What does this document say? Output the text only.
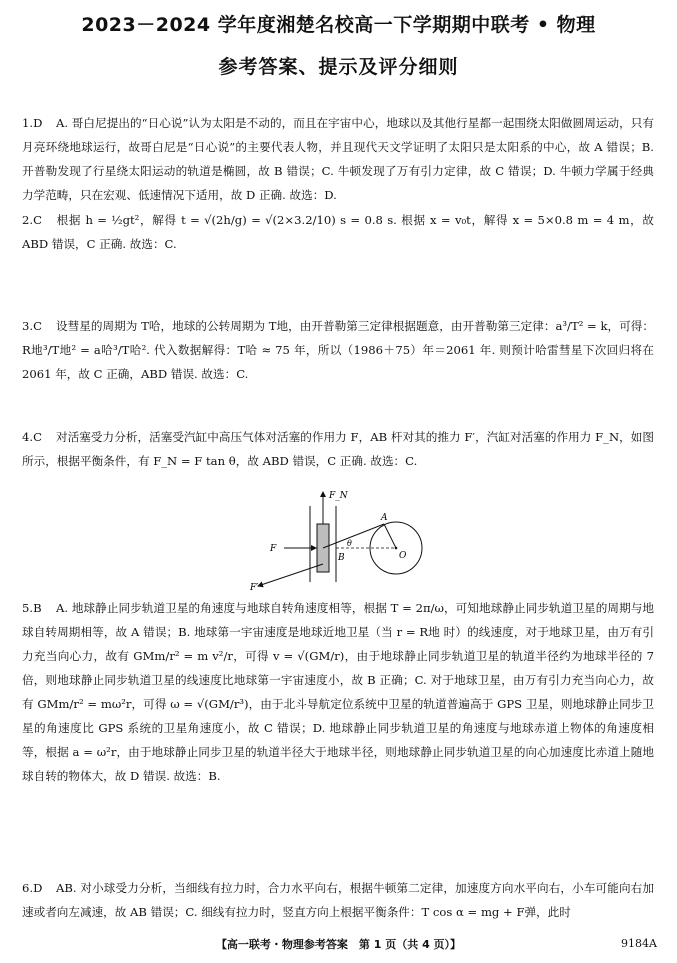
2023－2024 学年度湘楚名校高一下学期期中联考 • 物理
参考答案、提示及评分细则
1.D A. 哥白尼提出的“日心说”认为太阳是不动的，而且在宇宙中心，地球以及其他行星都一起围绕太阳做圆周运动，只有月亮环绕地球运行，故哥白尼是“日心说”的主要代表人物，并且现代天文学证明了太阳只是太阳系的中心，故 A 错误；B. 开普勒发现了行星绕太阳运动的轨道是椭圆，故 B 错误；C. 牛顿发现了万有引力定律，故 C 错误；D. 牛顿力学属于经典力学范畴，只在宏观、低速情况下适用，故 D 正确. 故选：D.
2.C 根据 h = ½gt²，解得 t = √(2h/g) = √(2×3.2/10) s = 0.8 s. 根据 x = v₀t，解得 x = 5×0.8 m = 4 m，故 ABD 错误，C 正确. 故选：C.
3.C 设彗星的周期为 T哈，地球的公转周期为 T地，由开普勒第三定律根据题意，由开普勒第三定律：a³/T² = k，可得：R地³/T地² = a哈³/T哈². 代入数据解得：T哈 ≈ 75 年，所以（1986＋75）年＝2061 年. 则预计哈雷彗星下次回归将在 2061 年，故 C 正确，ABD 错误. 故选：C.
4.C 对活塞受力分析，活塞受汽缸中高压气体对活塞的作用力 F，AB 杆对其的推力 F′，汽缸对活塞的作用力 F_N，如图所示，根据平衡条件，有 F_N = F tan θ，故 ABD 错误，C 正确. 故选：C.
F_N
F
F′
B
θ
A
O
5.B A. 地球静止同步轨道卫星的角速度与地球自转角速度相等，根据 T = 2π/ω，可知地球静止同步轨道卫星的周期与地球自转周期相等，故 A 错误；B. 地球第一宇宙速度是地球近地卫星（当 r = R地 时）的线速度，对于地球卫星，由万有引力充当向心力，故有 GMm/r² = m v²/r，可得 v = √(GM/r)，由于地球静止同步轨道卫星的轨道半径约为地球半径的 7 倍，则地球静止同步轨道卫星的线速度比地球第一宇宙速度小，故 B 正确；C. 对于地球卫星，由万有引力充当向心力，故有 GMm/r² = mω²r，可得 ω = √(GM/r³)，由于北斗导航定位系统中卫星的轨道普遍高于 GPS 卫星，则地球静止同步卫星的角速度比 GPS 系统的卫星角速度小，故 C 错误；D. 地球静止同步轨道卫星的角速度与地球赤道上物体的角速度相等，根据 a = ω²r，由于地球静止同步卫星的轨道半径大于地球半径，则地球静止同步轨道卫星的向心加速度比赤道上随地球自转的物体大，故 D 错误. 故选：B.
6.D AB. 对小球受力分析，当细线有拉力时，合力水平向右，根据牛顿第二定律，加速度方向水平向右，小车可能向右加速或者向左减速，故 AB 错误；C. 细线有拉力时，竖直方向上根据平衡条件：T cos α = mg + F弹，此时
【高一联考・物理参考答案　第 1 页（共 4 页）】	9184A
